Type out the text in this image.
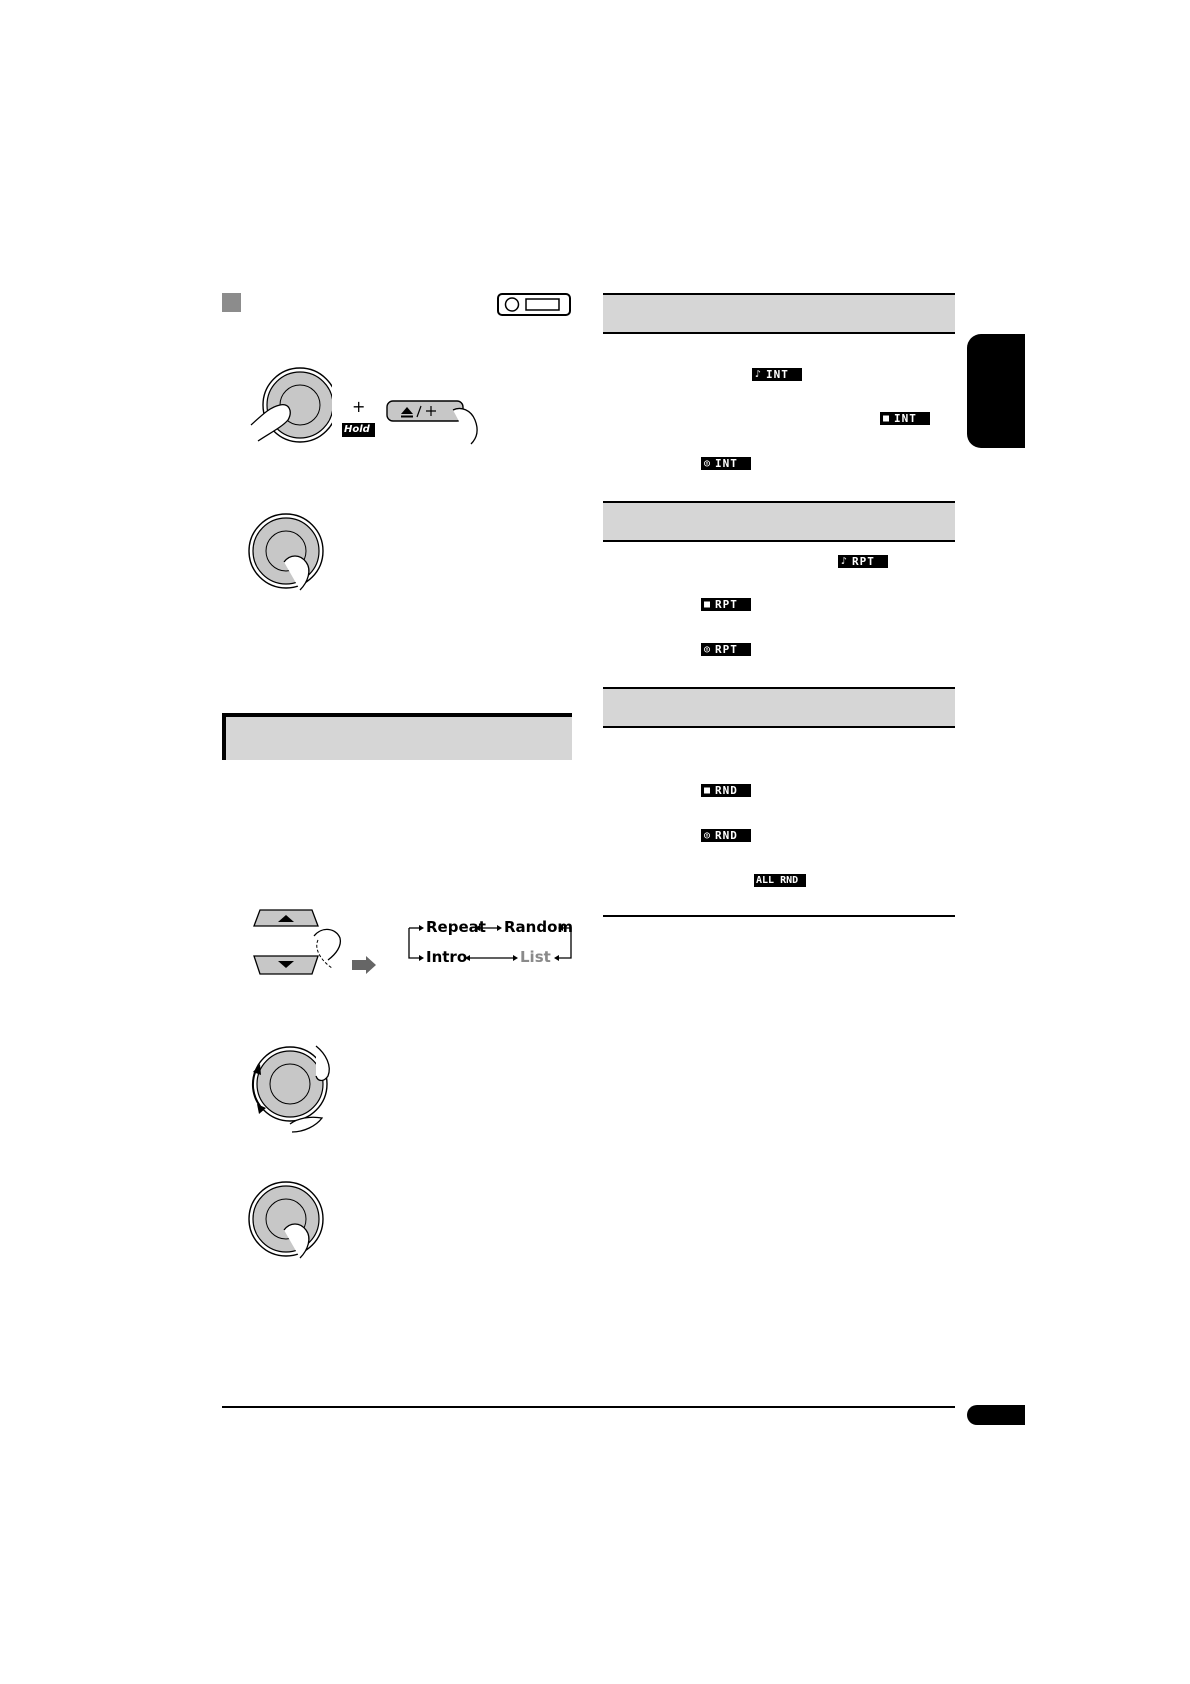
+
Hold ...
Repeat Random
Intro	List
♪ INT
■ INT
◎ INT
♪ RPT
■ RPT
◎ RPT
■ RND
◎ RND
ALL RND
